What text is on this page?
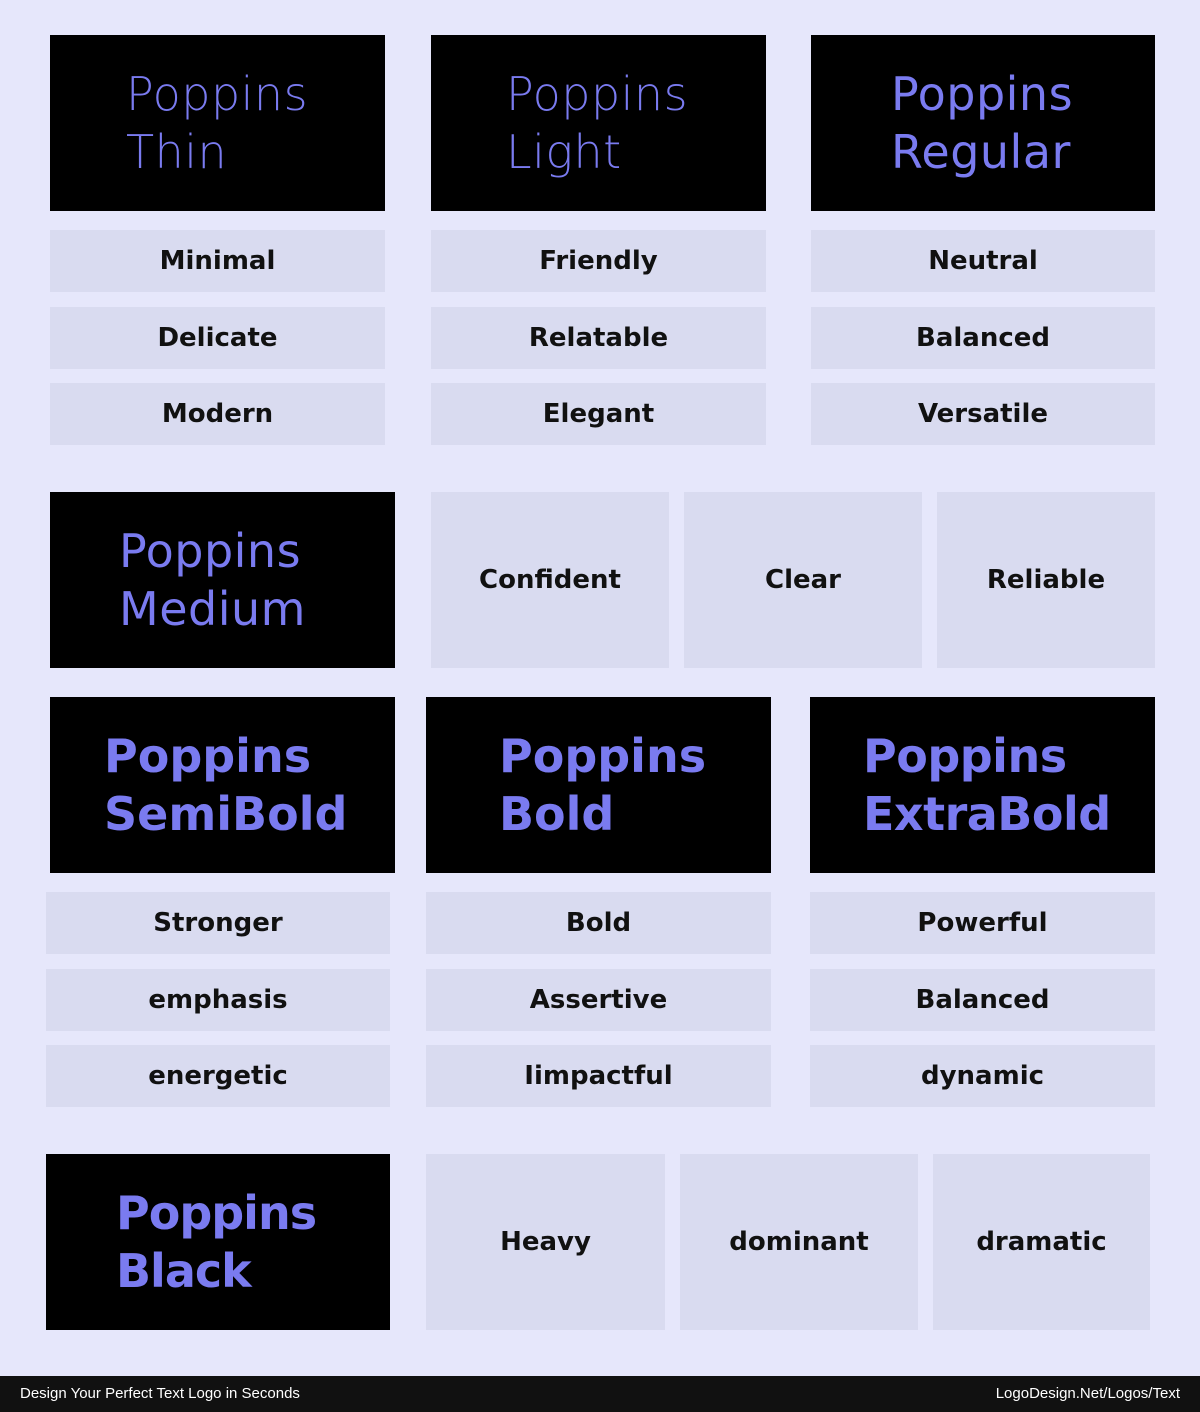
Poppins
Thin
Poppins
Light
Poppins
Regular
Minimal
Delicate
Modern
Friendly
Relatable
Elegant
Neutral
Balanced
Versatile
Poppins
Medium
Confident	Clear	Reliable
Poppins
SemiBold
Poppins
Bold
Poppins
ExtraBold
Stronger
emphasis
energetic
Bold
Assertive
Iimpactful
Powerful
Balanced
dynamic
Poppins
Black
Heavy	dominant	dramatic
Design Your Perfect Text Logo in Seconds	LogoDesign.Net/Logos/Text
